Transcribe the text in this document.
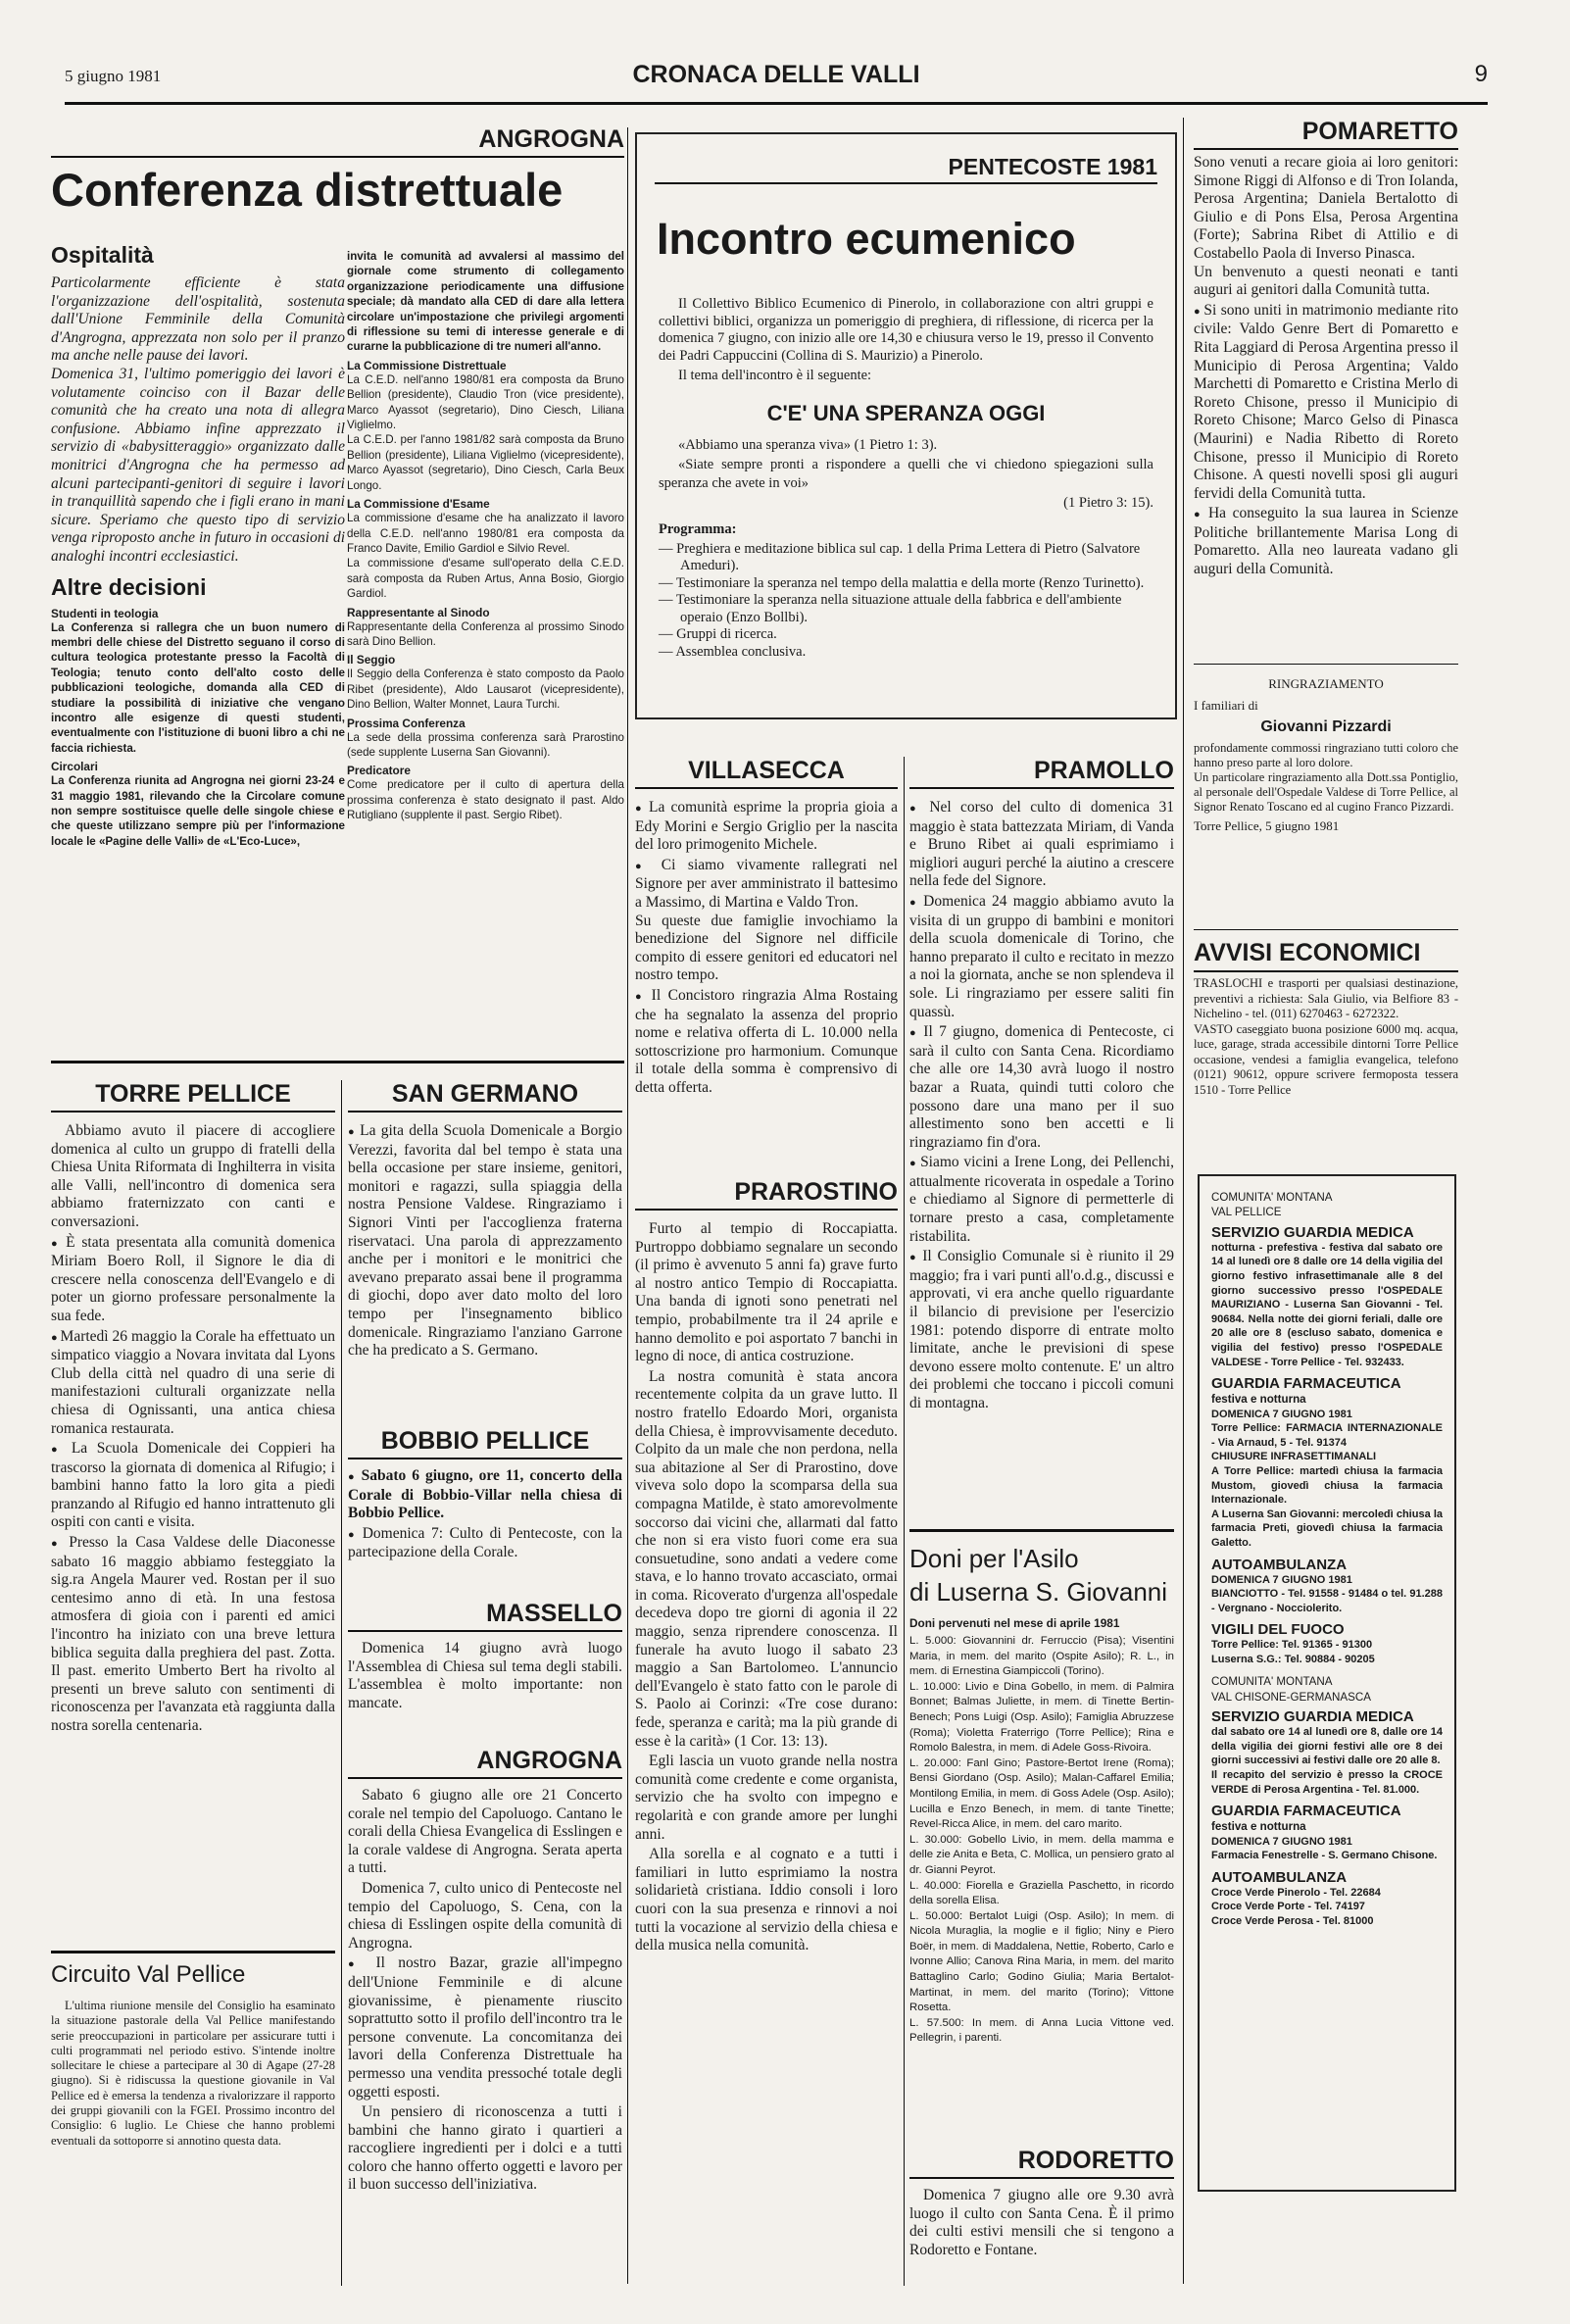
5 giugno 1981	CRONACA DELLE VALLI	9
ANGROGNA
Conferenza distrettuale
Ospitalità

Particolarmente efficiente è stata l'organizzazione dell'ospitalità, sostenuta dall'Unione Femminile della Comunità d'Angrogna, apprezzata non solo per il pranzo ma anche nelle pause dei lavori.
Domenica 31, l'ultimo pomeriggio dei lavori è volutamente coinciso con il Bazar delle comunità che ha creato una nota di allegra confusione. Abbiamo infine apprezzato il servizio di «babysitteraggio» organizzato dalle monitrici d'Angrogna che ha permesso ad alcuni partecipanti-genitori di seguire i lavori in tranquillità sapendo che i figli erano in mani sicure. Speriamo che questo tipo di servizio venga riproposto anche in futuro in occasioni di analoghi incontri ecclesiastici.

Altre decisioni

Studenti in teologia

La Conferenza si rallegra che un buon numero di membri delle chiese del Distretto seguano il corso di cultura teologica protestante presso la Facoltà di Teologia; tenuto conto dell'alto costo delle pubblicazioni teologiche, domanda alla CED di studiare la possibilità di iniziative che vengano incontro alle esigenze di questi studenti, eventualmente con l'istituzione di buoni libro a chi ne faccia richiesta.

Circolari

La Conferenza riunita ad Angrogna nei giorni 23-24 e 31 maggio 1981, rilevando che la Circolare comune non sempre sostituisce quelle delle singole chiese e che queste utilizzano sempre più per l'informazione locale le «Pagine delle Valli» de «L'Eco-Luce»,

invita le comunità ad avvalersi al massimo del giornale come strumento di collegamento organizzazione periodicamente una diffusione speciale; dà mandato alla CED di dare alla lettera circolare un'impostazione che privilegi argomenti di riflessione su temi di interesse generale e di curarne la pubblicazione di tre numeri all'anno.

La Commissione Distrettuale

La C.E.D. nell'anno 1980/81 era composta da Bruno Bellion (presidente), Claudio Tron (vice presidente), Marco Ayassot (segretario), Dino Ciesch, Liliana Viglielmo.
La C.E.D. per l'anno 1981/82 sarà composta da Bruno Bellion (presidente), Liliana Viglielmo (vicepresidente), Marco Ayassot (segretario), Dino Ciesch, Carla Beux Longo.

La Commissione d'Esame

La commissione d'esame che ha analizzato il lavoro della C.E.D. nell'anno 1980/81 era composta da Franco Davite, Emilio Gardiol e Silvio Revel.
La commissione d'esame sull'operato della C.E.D. sarà composta da Ruben Artus, Anna Bosio, Giorgio Gardiol.

Rappresentante al Sinodo

Rappresentante della Conferenza al prossimo Sinodo sarà Dino Bellion.

Il Seggio

Il Seggio della Conferenza è stato composto da Paolo Ribet (presidente), Aldo Lausarot (vicepresidente), Dino Bellion, Walter Monnet, Laura Turchi.

Prossima Conferenza

La sede della prossima conferenza sarà Prarostino (sede supplente Luserna San Giovanni).

Predicatore

Come predicatore per il culto di apertura della prossima conferenza è stato designato il past. Aldo Rutigliano (supplente il past. Sergio Ribet).

PENTECOSTE 1981
Incontro ecumenico

Il Collettivo Biblico Ecumenico di Pinerolo, in collaborazione con altri gruppi e collettivi biblici, organizza un pomeriggio di preghiera, di riflessione, di ricerca per la domenica 7 giugno, con inizio alle ore 14,30 e chiusura verso le 19, presso il Convento dei Padri Cappuccini (Collina di S. Maurizio) a Pinerolo.

Il tema dell'incontro è il seguente:

C'E' UNA SPERANZA OGGI

«Abbiamo una speranza viva» (1 Pietro 1: 3).

«Siate sempre pronti a rispondere a quelli che vi chiedono spiegazioni sulla speranza che avete in voi»

(1 Pietro 3: 15).

Programma:

— Preghiera e meditazione biblica sul cap. 1 della Prima Lettera di Pietro (Salvatore Ameduri).
— Testimoniare la speranza nel tempo della malattia e della morte (Renzo Turinetto).
— Testimoniare la speranza nella situazione attuale della fabbrica e dell'ambiente operaio (Enzo Bollbi).
— Gruppi di ricerca.
— Assemblea conclusiva.
POMARETTO

Sono venuti a recare gioia ai loro genitori: Simone Riggi di Alfonso e di Tron Iolanda, Perosa Argentina; Daniela Bertalotto di Giulio e di Pons Elsa, Perosa Argentina (Forte); Sabrina Ribet di Attilio e di Costabello Paola di Inverso Pinasca.
Un benvenuto a questi neonati e tanti auguri ai genitori dalla Comunità tutta.

● Si sono uniti in matrimonio mediante rito civile: Valdo Genre Bert di Pomaretto e Rita Laggiard di Perosa Argentina presso il Municipio di Perosa Argentina; Valdo Marchetti di Pomaretto e Cristina Merlo di Roreto Chisone, presso il Municipio di Roreto Chisone; Marco Gelso di Pinasca (Maurini) e Nadia Ribetto di Roreto Chisone, presso il Municipio di Roreto Chisone. A questi novelli sposi gli auguri fervidi della Comunità tutta.

● Ha conseguito la sua laurea in Scienze Politiche brillantemente Marisa Long di Pomaretto. Alla neo laureata vadano gli auguri della Comunità.

RINGRAZIAMENTO
I familiari di
Giovanni Pizzardi

profondamente commossi ringraziano tutti coloro che hanno preso parte al loro dolore.
Un particolare ringraziamento alla Dott.ssa Pontiglio, al personale dell'Ospedale Valdese di Torre Pellice, al Signor Renato Toscano ed al cugino Franco Pizzardi.

Torre Pellice, 5 giugno 1981
AVVISI ECONOMICI

TRASLOCHI e trasporti per qualsiasi destinazione, preventivi a richiesta: Sala Giulio, via Belfiore 83 - Nichelino - tel. (011) 6270463 - 6272322.
VASTO caseggiato buona posizione 6000 mq. acqua, luce, garage, strada accessibile dintorni Torre Pellice occasione, vendesi a famiglia evangelica, telefono (0121) 90612, oppure scrivere fermoposta tessera 1510 - Torre Pellice

COMUNITA' MONTANA
VAL PELLICE
SERVIZIO GUARDIA MEDICA

notturna - prefestiva - festiva dal sabato ore 14 al lunedì ore 8 dalle ore 14 della vigilia del giorno festivo infrasettimanale alle 8 del giorno successivo presso l'OSPEDALE MAURIZIANO - Luserna San Giovanni - Tel. 90684. Nella notte dei giorni feriali, dalle ore 20 alle ore 8 (escluso sabato, domenica e vigilia del festivo) presso l'OSPEDALE VALDESE - Torre Pellice - Tel. 932433.

GUARDIA FARMACEUTICA
festiva e notturna

DOMENICA 7 GIUGNO 1981
Torre Pellice: FARMACIA INTERNAZIONALE - Via Arnaud, 5 - Tel. 91374
CHIUSURE INFRASETTIMANALI
A Torre Pellice: martedì chiusa la farmacia Mustom, giovedì chiusa la farmacia Internazionale.
A Luserna San Giovanni: mercoledì chiusa la farmacia Preti, giovedì chiusa la farmacia Galetto.

AUTOAMBULANZA

DOMENICA 7 GIUGNO 1981
BIANCIOTTO - Tel. 91558 - 91484 o tel. 91.288 - Vergnano - Nocciolerito.

VIGILI DEL FUOCO

Torre Pellice: Tel. 91365 - 91300
Luserna S.G.: Tel. 90884 - 90205

COMUNITA' MONTANA
VAL CHISONE-GERMANASCA
SERVIZIO GUARDIA MEDICA

dal sabato ore 14 al lunedì ore 8, dalle ore 14 della vigilia dei giorni festivi alle ore 8 dei giorni successivi ai festivi dalle ore 20 alle 8.
Il recapito del servizio è presso la CROCE VERDE di Perosa Argentina - Tel. 81.000.

GUARDIA FARMACEUTICA
festiva e notturna

DOMENICA 7 GIUGNO 1981
Farmacia Fenestrelle - S. Germano Chisone.

AUTOAMBULANZA

Croce Verde Pinerolo - Tel. 22684
Croce Verde Porte - Tel. 74197
Croce Verde Perosa - Tel. 81000

TORRE PELLICE

Abbiamo avuto il piacere di accogliere domenica al culto un gruppo di fratelli della Chiesa Unita Riformata di Inghilterra in visita alle Valli, nell'incontro di domenica sera abbiamo fraternizzato con canti e conversazioni.

● È stata presentata alla comunità domenica Miriam Boero Roll, il Signore le dia di crescere nella conoscenza dell'Evangelo e di poter un giorno professare personalmente la sua fede.

● Martedì 26 maggio la Corale ha effettuato un simpatico viaggio a Novara invitata dal Lyons Club della città nel quadro di una serie di manifestazioni culturali organizzate nella chiesa di Ognissanti, una antica chiesa romanica restaurata.

● La Scuola Domenicale dei Coppieri ha trascorso la giornata di domenica al Rifugio; i bambini hanno fatto la loro gita a piedi pranzando al Rifugio ed hanno intrattenuto gli ospiti con canti e visita.

● Presso la Casa Valdese delle Diaconesse sabato 16 maggio abbiamo festeggiato la sig.ra Angela Maurer ved. Rostan per il suo centesimo anno di età. In una festosa atmosfera di gioia con i parenti ed amici l'incontro ha iniziato con una breve lettura biblica seguita dalla preghiera del past. Zotta. Il past. emerito Umberto Bert ha rivolto al presenti un breve saluto con sentimenti di riconoscenza per l'avanzata età raggiunta dalla nostra sorella centenaria.

Circuito Val Pellice

L'ultima riunione mensile del Consiglio ha esaminato la situazione pastorale della Val Pellice manifestando serie preoccupazioni in particolare per assicurare tutti i culti programmati nel periodo estivo. S'intende inoltre sollecitare le chiese a partecipare al 30 di Agape (27-28 giugno). Si è ridiscussa la questione giovanile in Val Pellice ed è emersa la tendenza a rivalorizzare il rapporto dei gruppi giovanili con la FGEI. Prossimo incontro del Consiglio: 6 luglio. Le Chiese che hanno problemi eventuali da sottoporre si annotino questa data.

SAN GERMANO

● La gita della Scuola Domenicale a Borgio Verezzi, favorita dal bel tempo è stata una bella occasione per stare insieme, genitori, monitori e ragazzi, sulla spiaggia della nostra Pensione Valdese. Ringraziamo i Signori Vinti per l'accoglienza fraterna riservataci. Una parola di apprezzamento anche per i monitori e le monitrici che avevano preparato assai bene il programma di giochi, dopo aver dato molto del loro tempo per l'insegnamento biblico domenicale. Ringraziamo l'anziano Garrone che ha predicato a S. Germano.

BOBBIO PELLICE

● Sabato 6 giugno, ore 11, concerto della Corale di Bobbio-Villar nella chiesa di Bobbio Pellice.

● Domenica 7: Culto di Pentecoste, con la partecipazione della Corale.

MASSELLO

Domenica 14 giugno avrà luogo l'Assemblea di Chiesa sul tema degli stabili. L'assemblea è molto importante: non mancate.

ANGROGNA

Sabato 6 giugno alle ore 21 Concerto corale nel tempio del Capoluogo. Cantano le corali della Chiesa Evangelica di Esslingen e la corale valdese di Angrogna. Serata aperta a tutti.

Domenica 7, culto unico di Pentecoste nel tempio del Capoluogo, S. Cena, con la chiesa di Esslingen ospite della comunità di Angrogna.

● Il nostro Bazar, grazie all'impegno dell'Unione Femminile e di alcune giovanissime, è pienamente riuscito soprattutto sotto il profilo dell'incontro tra le persone convenute. La concomitanza dei lavori della Conferenza Distrettuale ha permesso una vendita pressoché totale degli oggetti esposti.

Un pensiero di riconoscenza a tutti i bambini che hanno girato i quartieri a raccogliere ingredienti per i dolci e a tutti coloro che hanno offerto oggetti e lavoro per il buon successo dell'iniziativa.

VILLASECCA

● La comunità esprime la propria gioia a Edy Morini e Sergio Griglio per la nascita del loro primogenito Michele.

● Ci siamo vivamente rallegrati nel Signore per aver amministrato il battesimo a Massimo, di Martina e Valdo Tron.
Su queste due famiglie invochiamo la benedizione del Signore nel difficile compito di essere genitori ed educatori nel nostro tempo.

● Il Concistoro ringrazia Alma Rostaing che ha segnalato la assenza del proprio nome e relativa offerta di L. 10.000 nella sottoscrizione pro harmonium. Comunque il totale della somma è comprensivo di detta offerta.

PRAROSTINO

Furto al tempio di Roccapiatta. Purtroppo dobbiamo segnalare un secondo (il primo è avvenuto 5 anni fa) grave furto al nostro antico Tempio di Roccapiatta. Una banda di ignoti sono penetrati nel tempio, probabilmente tra il 24 aprile e hanno demolito e poi asportato 7 banchi in legno di noce, di antica costruzione.

La nostra comunità è stata ancora recentemente colpita da un grave lutto. Il nostro fratello Edoardo Mori, organista della Chiesa, è improvvisamente deceduto. Colpito da un male che non perdona, nella sua abitazione al Ser di Prarostino, dove viveva solo dopo la scomparsa della sua compagna Matilde, è stato amorevolmente soccorso dai vicini che, allarmati dal fatto che non si era visto fuori come era sua consuetudine, sono andati a vedere come stava, e lo hanno trovato accasciato, ormai in coma. Ricoverato d'urgenza all'ospedale decedeva dopo tre giorni di agonia il 22 maggio, senza riprendere conoscenza. Il funerale ha avuto luogo il sabato 23 maggio a San Bartolomeo. L'annuncio dell'Evangelo è stato fatto con le parole di S. Paolo ai Corinzi: «Tre cose durano: fede, speranza e carità; ma la più grande di esse è la carità» (1 Cor. 13: 13).

Egli lascia un vuoto grande nella nostra comunità come credente e come organista, servizio che ha svolto con impegno e regolarità e con grande amore per lunghi anni.

Alla sorella e al cognato e a tutti i familiari in lutto esprimiamo la nostra solidarietà cristiana. Iddio consoli i loro cuori con la sua presenza e rinnovi a noi tutti la vocazione al servizio della chiesa e della musica nella comunità.

PRAMOLLO

● Nel corso del culto di domenica 31 maggio è stata battezzata Miriam, di Vanda e Bruno Ribet ai quali esprimiamo i migliori auguri perché la aiutino a crescere nella fede del Signore.

● Domenica 24 maggio abbiamo avuto la visita di un gruppo di bambini e monitori della scuola domenicale di Torino, che hanno preparato il culto e recitato in mezzo a noi la giornata, anche se non splendeva il sole. Li ringraziamo per essere saliti fin quassù.

● Il 7 giugno, domenica di Pentecoste, ci sarà il culto con Santa Cena. Ricordiamo che alle ore 14,30 avrà luogo il nostro bazar a Ruata, quindi tutti coloro che possono dare una mano per il suo allestimento sono ben accetti e li ringraziamo fin d'ora.

● Siamo vicini a Irene Long, dei Pellenchi, attualmente ricoverata in ospedale a Torino e chiediamo al Signore di permetterle di tornare presto a casa, completamente ristabilita.

● Il Consiglio Comunale si è riunito il 29 maggio; fra i vari punti all'o.d.g., discussi e approvati, vi era anche quello riguardante il bilancio di previsione per l'esercizio 1981: potendo disporre di entrate molto limitate, anche le previsioni di spese devono essere molto contenute. E' un altro dei problemi che toccano i piccoli comuni di montagna.

Doni per l'Asilo
di Luserna S. Giovanni
Doni pervenuti nel mese di aprile 1981

L. 5.000: Giovannini dr. Ferruccio (Pisa); Visentini Maria, in mem. del marito (Ospite Asilo); R. L., in mem. di Ernestina Giampiccoli (Torino).
L. 10.000: Livio e Dina Gobello, in mem. di Palmira Bonnet; Balmas Juliette, in mem. di Tinette Bertin-Benech; Pons Luigi (Osp. Asilo); Famiglia Abruzzese (Roma); Violetta Fraterrigo (Torre Pellice); Rina e Romolo Balestra, in mem. di Adele Goss-Rivoira.
L. 20.000: Fanl Gino; Pastore-Bertot Irene (Roma); Bensi Giordano (Osp. Asilo); Malan-Caffarel Emilia; Montilong Emilia, in mem. di Goss Adele (Osp. Asilo); Lucilla e Enzo Benech, in mem. di tante Tinette; Revel-Ricca Alice, in mem. del caro marito.
L. 30.000: Gobello Livio, in mem. della mamma e delle zie Anita e Beta, C. Mollica, un pensiero grato al dr. Gianni Peyrot.
L. 40.000: Fiorella e Graziella Paschetto, in ricordo della sorella Elisa.
L. 50.000: Bertalot Luigi (Osp. Asilo); In mem. di Nicola Muraglia, la moglie e il figlio; Niny e Piero Boër, in mem. di Maddalena, Nettie, Roberto, Carlo e Ivonne Allio; Canova Rina Maria, in mem. del marito Battaglino Carlo; Godino Giulia; Maria Bertalot-Martinat, in mem. del marito (Torino); Vittone Rosetta.
L. 57.500: In mem. di Anna Lucia Vittone ved. Pellegrin, i parenti.

RODORETTO

Domenica 7 giugno alle ore 9.30 avrà luogo il culto con Santa Cena. È il primo dei culti estivi mensili che si tengono a Rodoretto e Fontane.
